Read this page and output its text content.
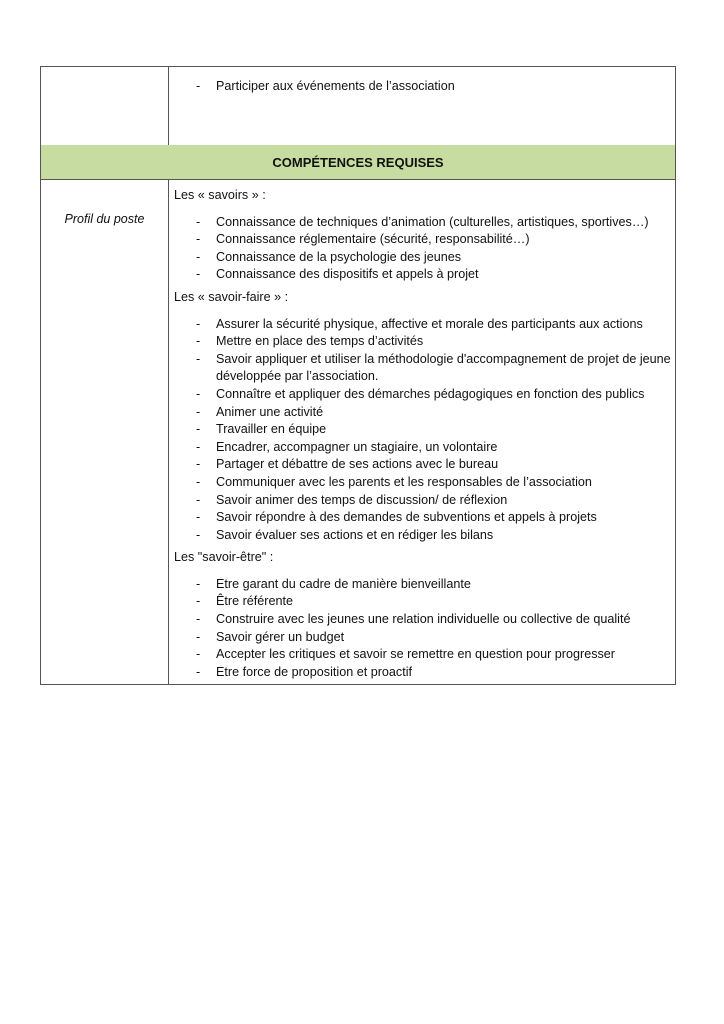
- Participer aux événements de l’association
COMPÉTENCES REQUISES
Profil du poste

Les « savoirs » :

- Connaissance de techniques d’animation (culturelles, artistiques, sportives…)
- Connaissance réglementaire (sécurité, responsabilité…)
- Connaissance de la psychologie des jeunes
- Connaissance des dispositifs et appels à projet

Les « savoir-faire » :

- Assurer la sécurité physique, affective et morale des participants aux actions
- Mettre en place des temps d’activités
- Savoir appliquer et utiliser la méthodologie d'accompagnement de projet de jeune développée par l’association.
- Connaître et appliquer des démarches pédagogiques en fonction des publics
- Animer une activité
- Travailler en équipe
- Encadrer, accompagner un stagiaire, un volontaire
- Partager et débattre de ses actions avec le bureau
- Communiquer avec les parents et les responsables de l’association
- Savoir animer des temps de discussion/ de réflexion
- Savoir répondre à des demandes de subventions et appels à projets
- Savoir évaluer ses actions et en rédiger les bilans

Les "savoir-être" :

- Etre garant du cadre de manière bienveillante
- Être référente
- Construire avec les jeunes une relation individuelle ou collective de qualité
- Savoir gérer un budget
- Accepter les critiques et savoir se remettre en question pour progresser
- Etre force de proposition et proactif
